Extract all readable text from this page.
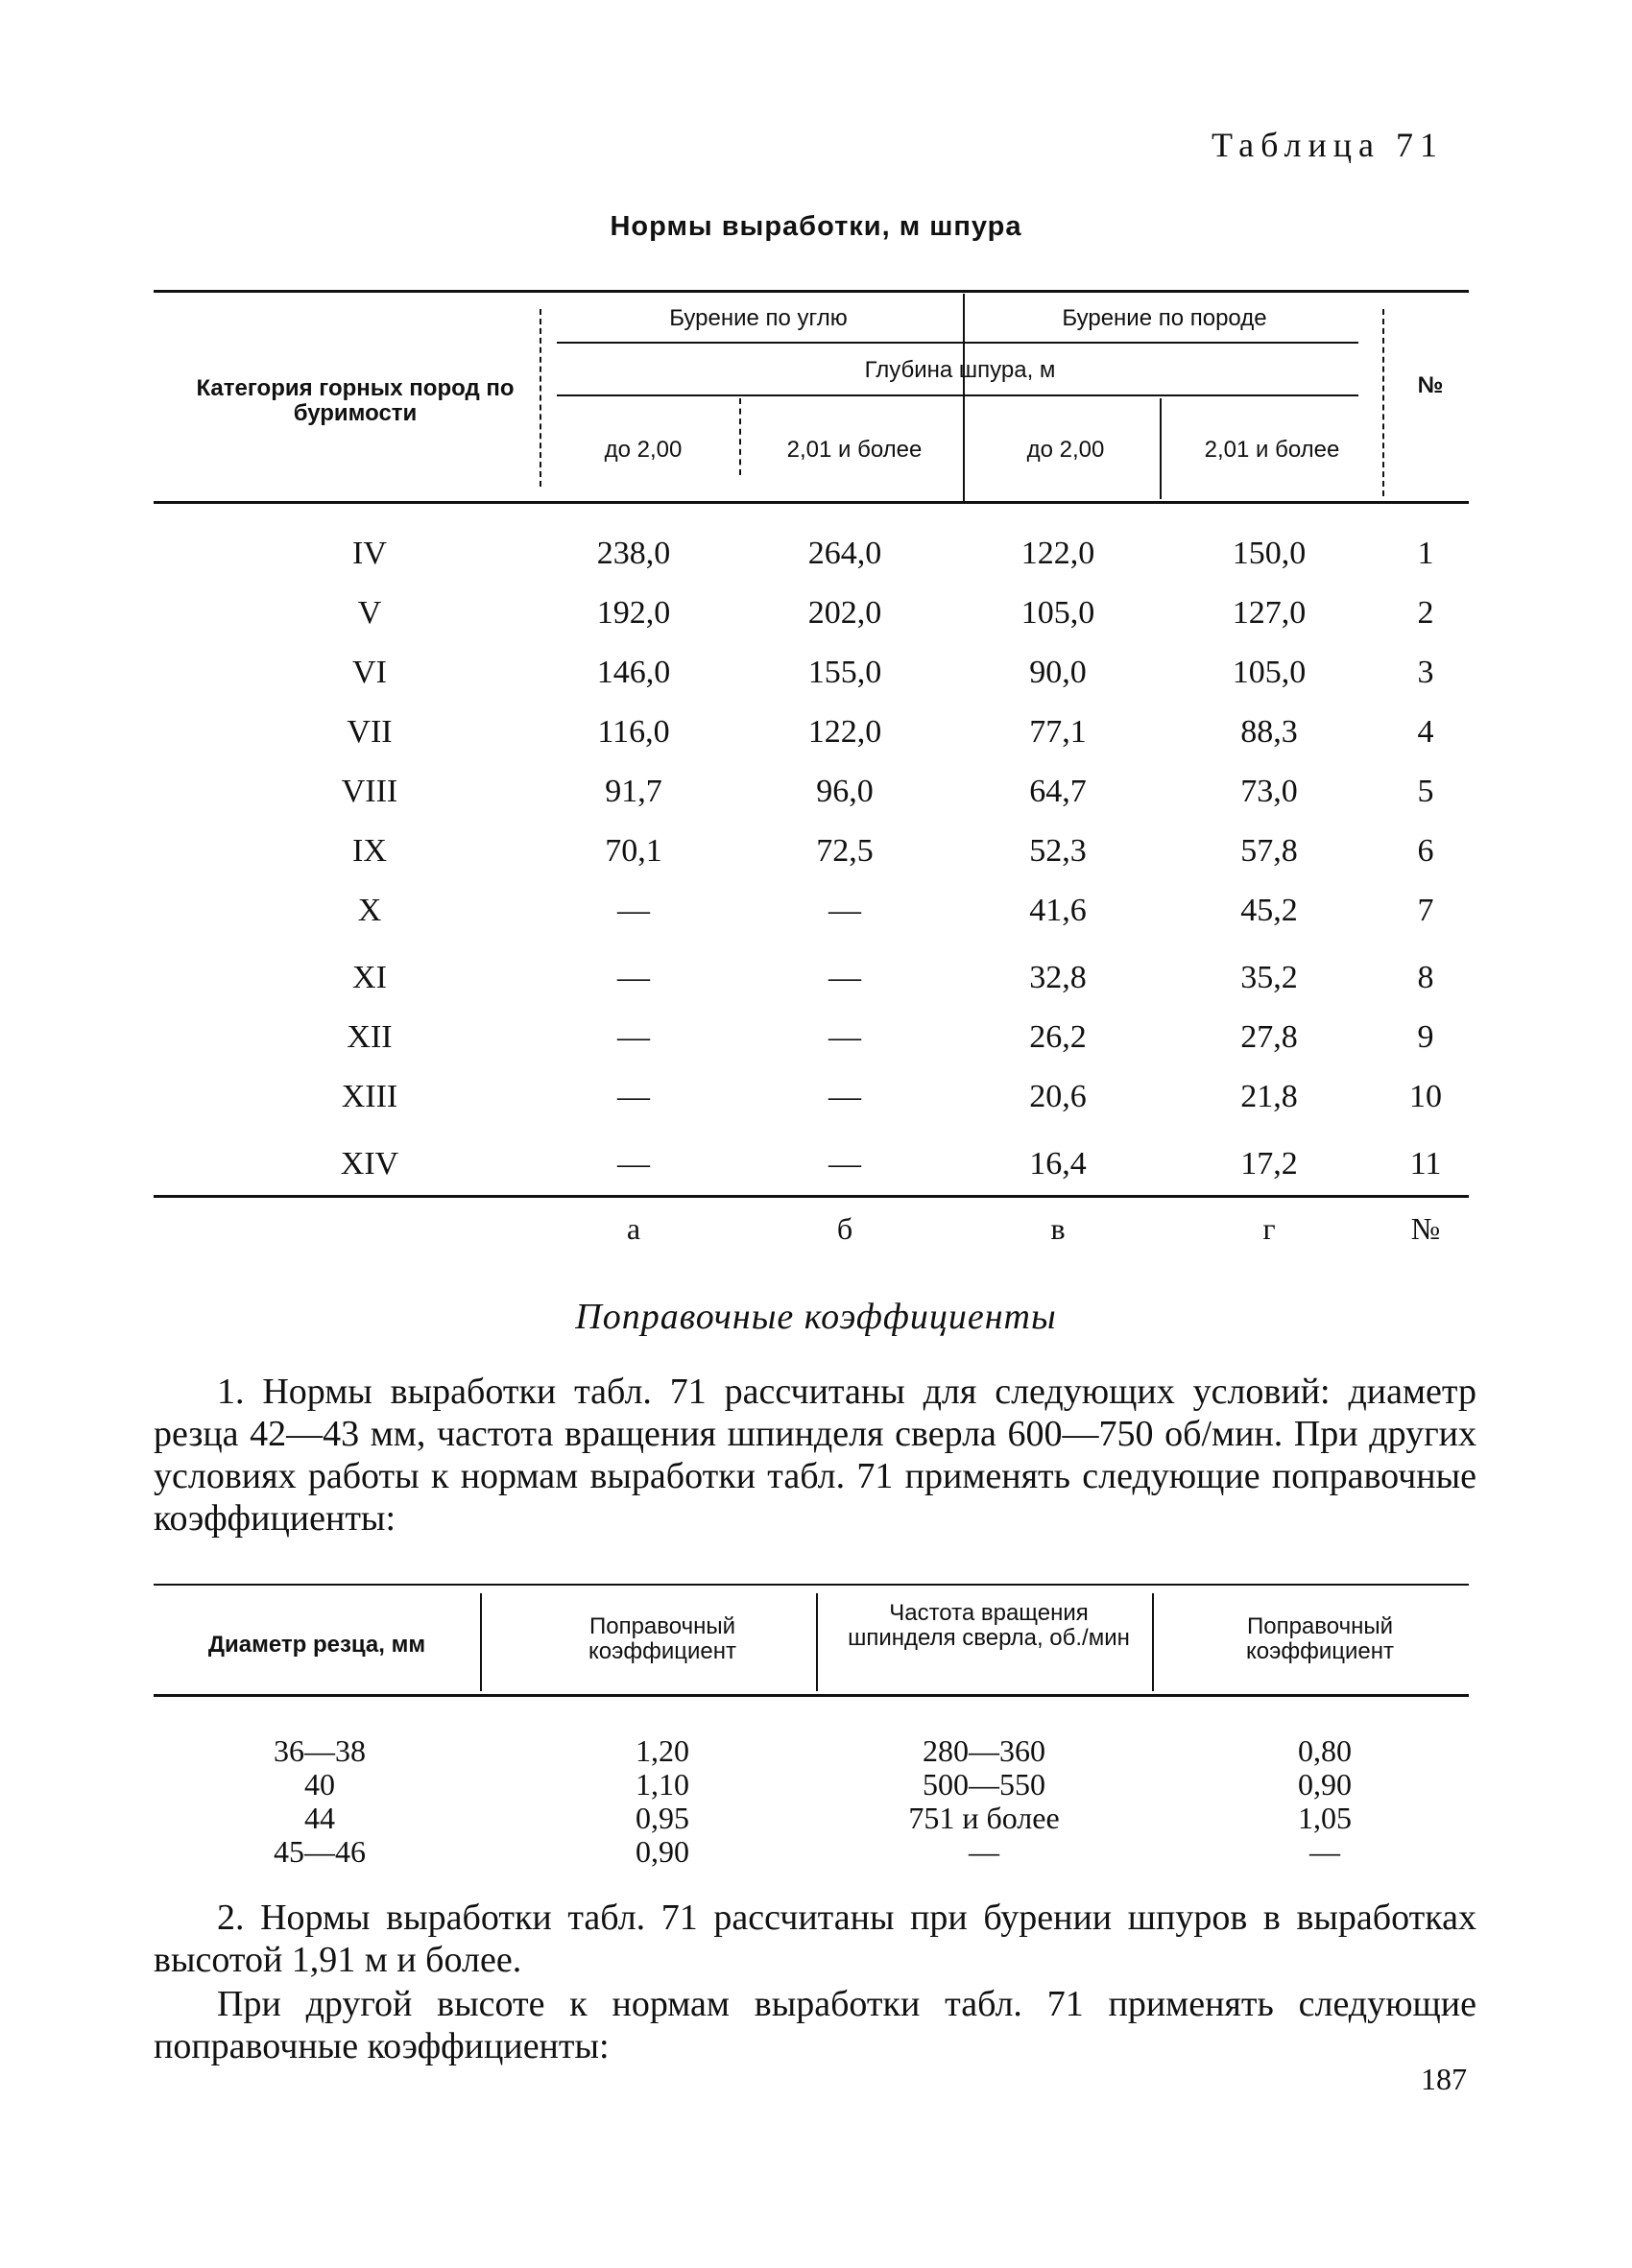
Таблица 71
Нормы выработки, м шпура
Категория горных пород по буримости
Бурение по углю	Бурение по породе
Глубина шпура, м
до 2,00	2,01 и более	до 2,00	2,01 и более
№
IV	238,0	264,0	122,0	150,0	1
V	192,0	202,0	105,0	127,0	2
VI	146,0	155,0	90,0	105,0	3
VII	116,0	122,0	77,1	88,3	4
VIII	91,7	96,0	64,7	73,0	5
IX	70,1	72,5	52,3	57,8	6
X	—	—	41,6	45,2	7
XI	—	—	32,8	35,2	8
XII	—	—	26,2	27,8	9
XIII	—	—	20,6	21,8	10
XIV	—	—	16,4	17,2	11
а	б	в	г	№
Поправочные коэффициенты
1. Нормы выработки табл. 71 рассчитаны для следующих условий: диаметр резца 42—43 мм, частота вращения шпинделя сверла 600—750 об/мин. При других условиях работы к нормам выработки табл. 71 применять следующие поправочные коэффициенты:
Диаметр резца, мм
Поправочный коэффициент
Частота вращения шпинделя сверла, об./мин	Поправочный коэффициент
36—38	1,20	280—360	0,80
40	1,10	500—550	0,90
44	0,95	751 и более	1,05
45—46	0,90	—	—
2. Нормы выработки табл. 71 рассчитаны при бурении шпуров в выработках высотой 1,91 м и более.
При другой высоте к нормам выработки табл. 71 применять следующие поправочные коэффициенты:
187
